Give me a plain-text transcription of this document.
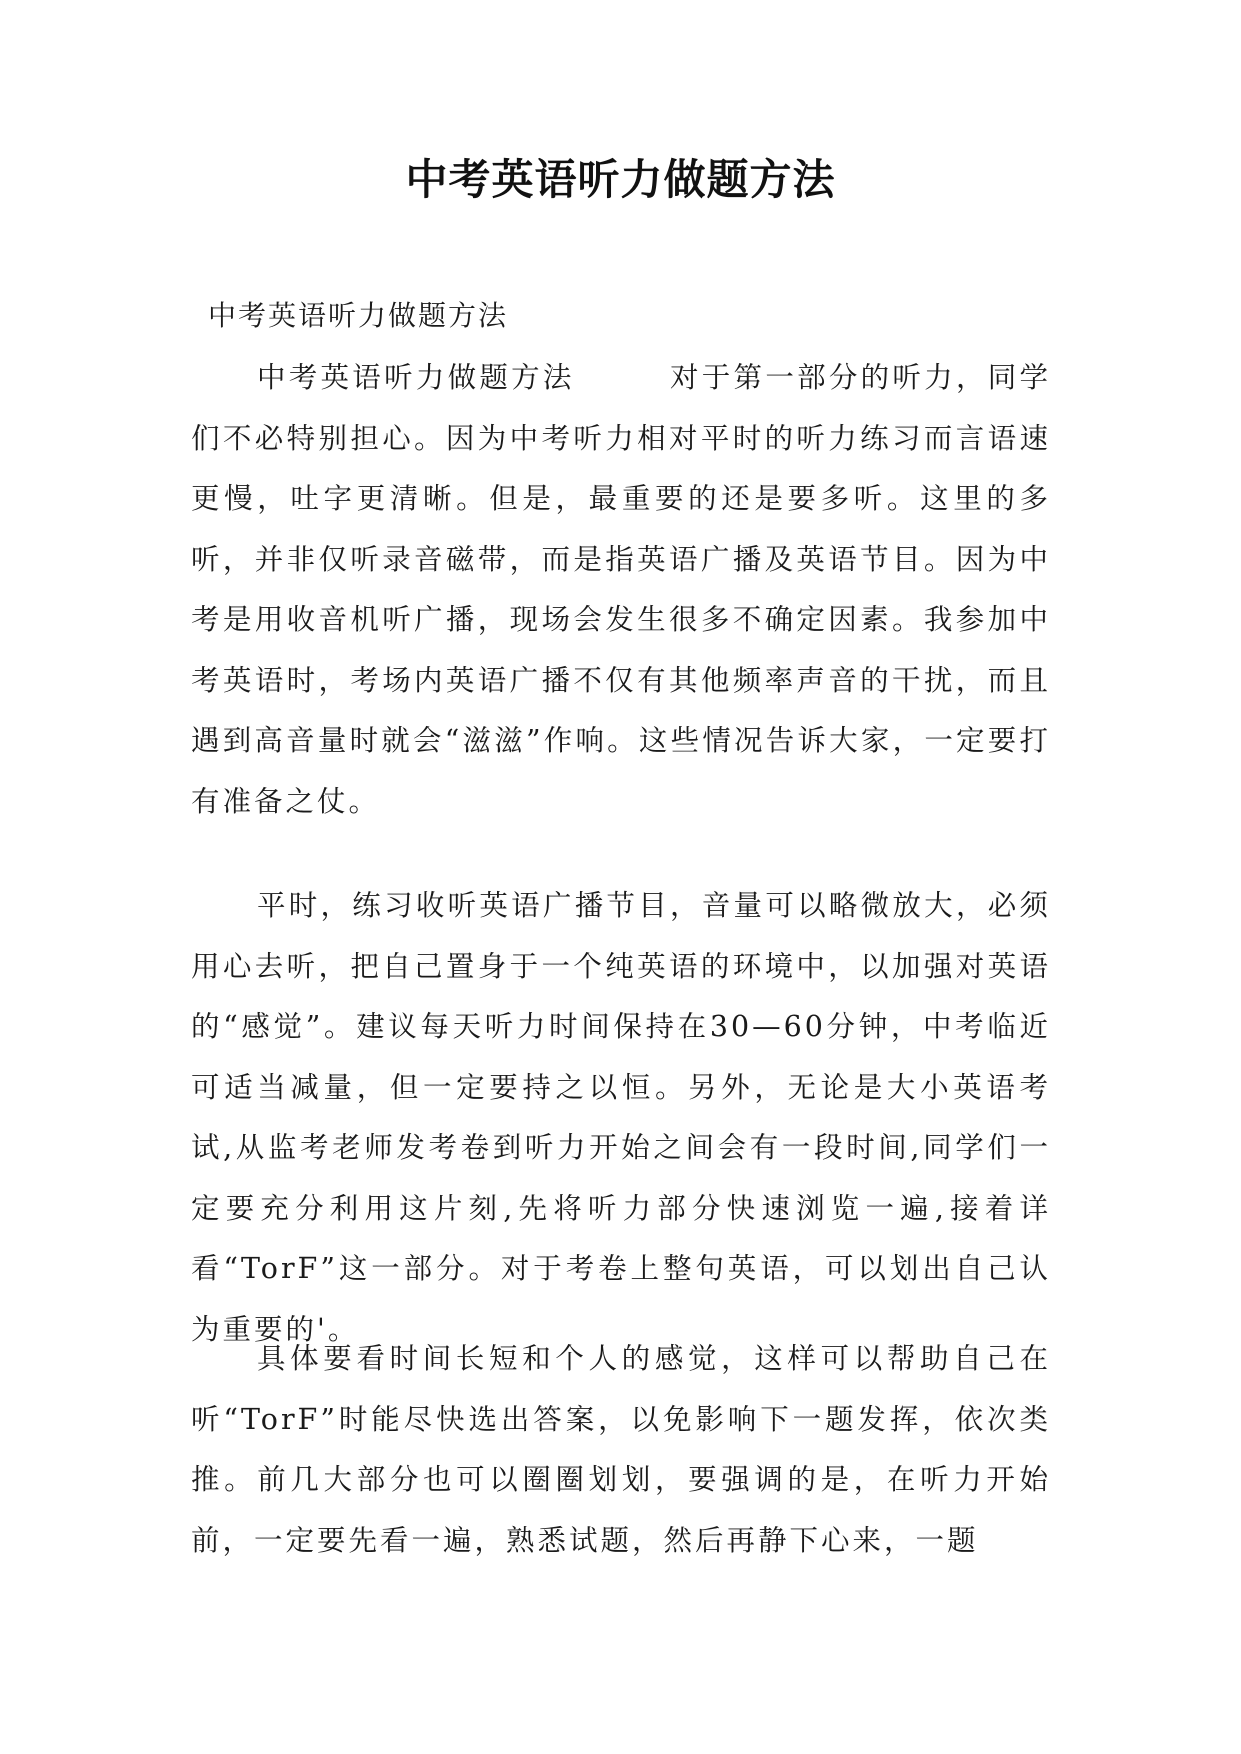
中考英语听力做题方法
中考英语听力做题方法

中考英语听力做题方法　　　对于第一部分的听力，同学们不必特别担心。因为中考听力相对平时的听力练习而言语速更慢，吐字更清晰。但是，最重要的还是要多听。这里的多听，并非仅听录音磁带，而是指英语广播及英语节目。因为中考是用收音机听广播，现场会发生很多不确定因素。我参加中考英语时，考场内英语广播不仅有其他频率声音的干扰，而且遇到高音量时就会“滋滋”作响。这些情况告诉大家，一定要打有准备之仗。

平时，练习收听英语广播节目，音量可以略微放大，必须用心去听，把自己置身于一个纯英语的环境中，以加强对英语的“感觉”。建议每天听力时间保持在30—60分钟，中考临近可适当减量，但一定要持之以恒。另外，无论是大小英语考试,从监考老师发考卷到听力开始之间会有一段时间,同学们一定要充分利用这片刻,先将听力部分快速浏览一遍,接着详看“TorF”这一部分。对于考卷上整句英语，可以划出自己认为重要的'。

具体要看时间长短和个人的感觉，这样可以帮助自己在听“TorF”时能尽快选出答案，以免影响下一题发挥，依次类推。前几大部分也可以圈圈划划，要强调的是，在听力开始前，一定要先看一遍，熟悉试题，然后再静下心来，一题
